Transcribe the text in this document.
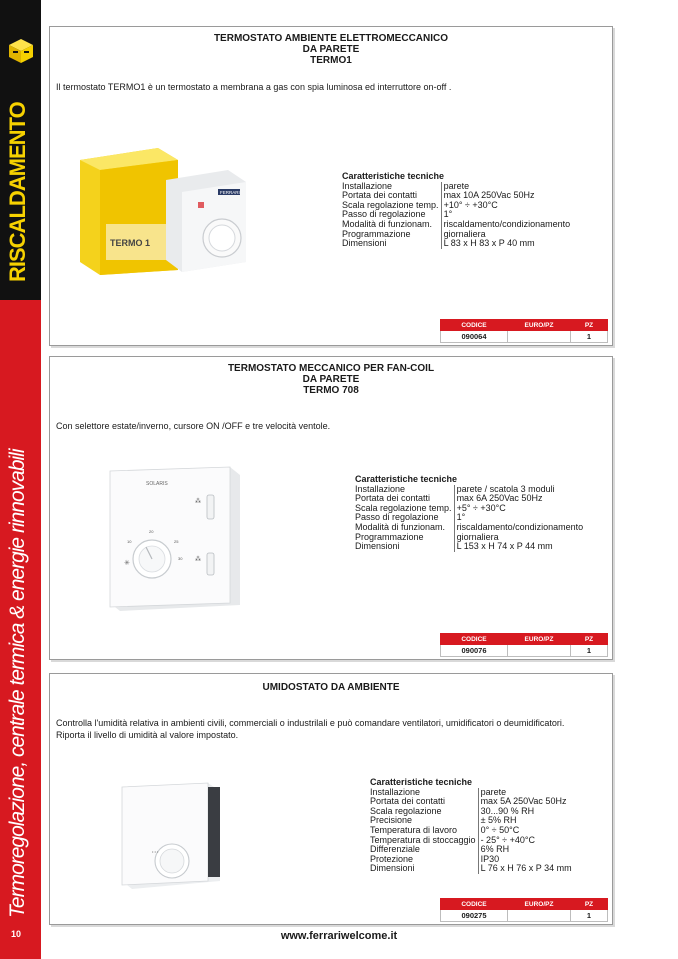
RISCALDAMENTO
Termoregolazione, centrale termica & energie rinnovabili
10
TERMOSTATO AMBIENTE ELETTROMECCANICO
DA PARETE
TERMO1
Il termostato TERMO1 è un termostato a membrana a gas con spia luminosa ed interruttore on-off .
TERMO 1
FERRARI
Caratteristiche tecniche
Installazione	parete
Portata dei contatti	max 10A 250Vac 50Hz
Scala regolazione temp.	+10° ÷ +30°C
Passo di regolazione	1°
Modalità di funzionam.	riscaldamento/condizionamento
Programmazione	giornaliera
Dimensioni	L 83 x H 83 x P 40 mm
CODICE	EURO/PZ	PZ
090064		1
TERMOSTATO MECCANICO PER FAN-COIL
DA PARETE
TERMO 708
Con selettore estate/inverno, cursore ON /OFF e tre velocità ventole.
SOLARIS
10
20
25
30
⁂
⁂
✳
Caratteristiche tecniche
Installazione	parete / scatola 3 moduli
Portata dei contatti	max 6A 250Vac 50Hz
Scala regolazione temp.	+5° ÷ +30°C
Passo di regolazione	1°
Modalità di funzionam.	riscaldamento/condizionamento
Programmazione	giornaliera
Dimensioni	L 153 x H 74 x P 44 mm
CODICE	EURO/PZ	PZ
090076		1
UMIDOSTATO DA AMBIENTE
Controlla l'umidità relativa in ambienti civili, commerciali o industrilali e può comandare ventilatori, umidificatori o deumidificatori.
Riporta il livello di umidità al valore impostato.
• • •
Caratteristiche tecniche
Installazione	parete
Portata dei contatti	max 5A 250Vac 50Hz
Scala regolazione	30...90 % RH
Precisione	± 5% RH
Temperatura di lavoro	0° ÷ 50°C
Temperatura di stoccaggio	- 25° ÷ +40°C
Differenziale	6% RH
Protezione	IP30
Dimensioni	L 76 x H 76 x P 34 mm
CODICE	EURO/PZ	PZ
090275		1
www.ferrariwelcome.it
